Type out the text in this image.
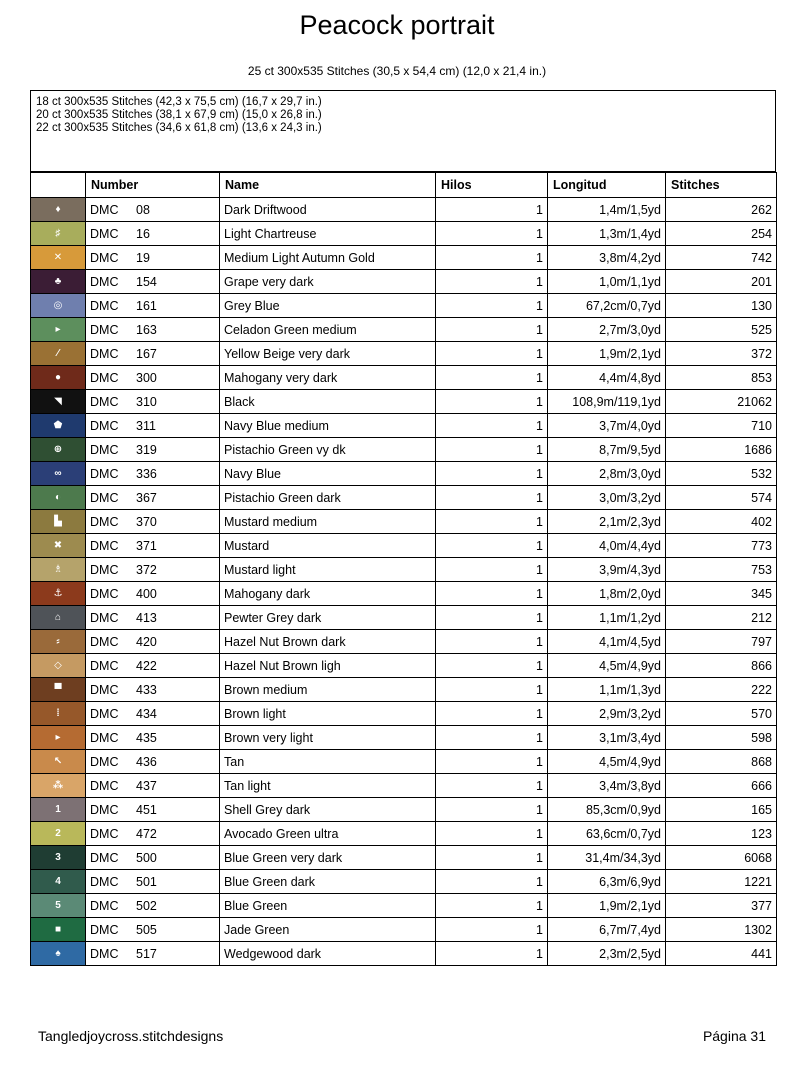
Peacock portrait
25 ct 300x535 Stitches (30,5 x 54,4 cm) (12,0 x 21,4 in.)
18 ct 300x535 Stitches (42,3 x 75,5 cm) (16,7 x 29,7 in.)
20 ct 300x535 Stitches (38,1 x 67,9 cm) (15,0 x 26,8 in.)
22 ct 300x535 Stitches (34,6 x 61,8 cm) (13,6 x 24,3 in.)
	Number	Name	Hilos	Longitud	Stitches

♦	DMC 08	Dark Driftwood	1	1,4m/1,5yd	262

♯	DMC 16	Light Chartreuse	1	1,3m/1,4yd	254

✕	DMC 19	Medium Light Autumn Gold	1	3,8m/4,2yd	742

♣	DMC 154	Grape very dark	1	1,0m/1,1yd	201

◎	DMC 161	Grey Blue	1	67,2cm/0,7yd	130

▸	DMC 163	Celadon Green medium	1	2,7m/3,0yd	525

⁄	DMC 167	Yellow Beige very dark	1	1,9m/2,1yd	372

●	DMC 300	Mahogany very dark	1	4,4m/4,8yd	853

◥	DMC 310	Black	1	108,9m/119,1yd	21062

⬟	DMC 311	Navy Blue medium	1	3,7m/4,0yd	710

⊕	DMC 319	Pistachio Green vy dk	1	8,7m/9,5yd	1686

∞	DMC 336	Navy Blue	1	2,8m/3,0yd	532

◐	DMC 367	Pistachio Green dark	1	3,0m/3,2yd	574

▙	DMC 370	Mustard medium	1	2,1m/2,3yd	402

✖	DMC 371	Mustard	1	4,0m/4,4yd	773

♗	DMC 372	Mustard light	1	3,9m/4,3yd	753

⚓	DMC 400	Mahogany dark	1	1,8m/2,0yd	345

⌂	DMC 413	Pewter Grey dark	1	1,1m/1,2yd	212

⸗	DMC 420	Hazel Nut Brown dark	1	4,1m/4,5yd	797

◇	DMC 422	Hazel Nut Brown ligh	1	4,5m/4,9yd	866

▀	DMC 433	Brown medium	1	1,1m/1,3yd	222

⁞	DMC 434	Brown light	1	2,9m/3,2yd	570

▸	DMC 435	Brown very light	1	3,1m/3,4yd	598

↖	DMC 436	Tan	1	4,5m/4,9yd	868

⁂	DMC 437	Tan light	1	3,4m/3,8yd	666

1	DMC 451	Shell Grey dark	1	85,3cm/0,9yd	165

2	DMC 472	Avocado Green ultra	1	63,6cm/0,7yd	123

3	DMC 500	Blue Green very dark	1	31,4m/34,3yd	6068

4	DMC 501	Blue Green dark	1	6,3m/6,9yd	1221

5	DMC 502	Blue Green	1	1,9m/2,1yd	377

■	DMC 505	Jade Green	1	6,7m/7,4yd	1302

♠	DMC 517	Wedgewood dark	1	2,3m/2,5yd	441
Tangledjoycross.stitchdesigns	Página 31
